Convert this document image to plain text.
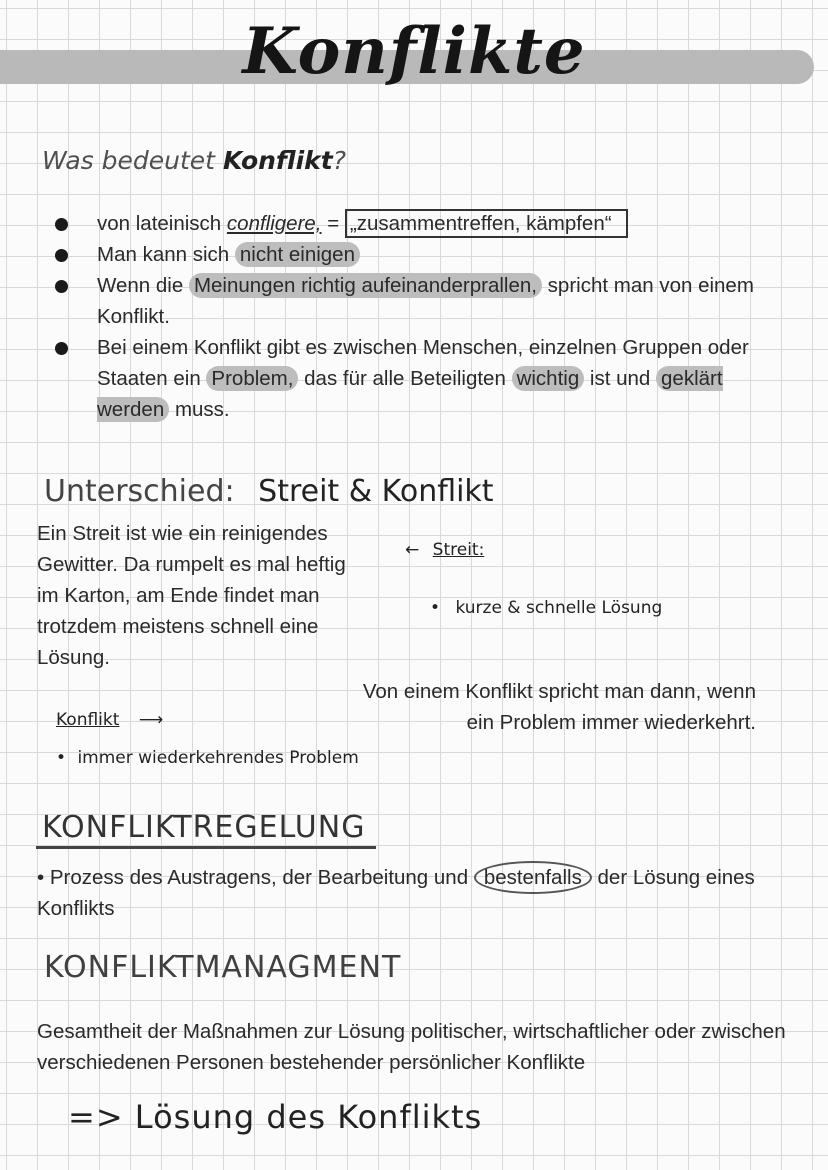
Konflikte
Was bedeutet Konflikt?
von lateinisch confligere, = „zusammentreffen, kämpfen“
Man kann sich nicht einigen
Wenn die Meinungen richtig aufeinanderprallen, spricht man von einem Konflikt.
Bei einem Konflikt gibt es zwischen Menschen, einzelnen Gruppen oder Staaten ein Problem, das für alle Beteiligten wichtig ist und geklärt werden muss.
Unterschied: Streit & Konflikt
Ein Streit ist wie ein reinigendes Gewitter. Da rumpelt es mal heftig im Karton, am Ende findet man trotzdem meistens schnell eine Lösung.
← Streit:
• kurze & schnelle Lösung
Von einem Konflikt spricht man dann, wenn ein Problem immer wiederkehrt.
Konflikt ⟶
• immer wiederkehrendes Problem
KONFLIKTREGELUNG
• Prozess des Austragens, der Bearbeitung und bestenfalls der Lösung eines Konflikts
KONFLIKTMANAGMENT
Gesamtheit der Maßnahmen zur Lösung politischer, wirtschaftlicher oder zwischen verschiedenen Personen bestehender persönlicher Konflikte
=> Lösung des Konflikts
